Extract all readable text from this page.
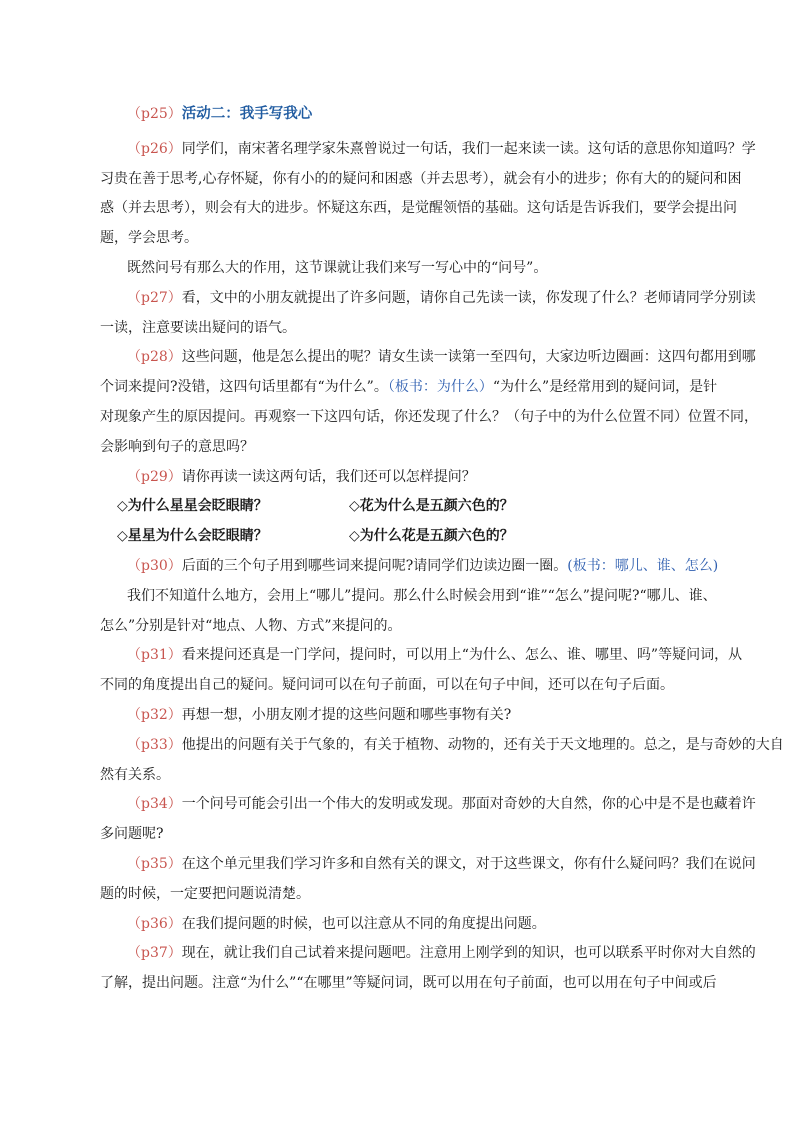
（p25）活动二：我手写我心

（p26）同学们，南宋著名理学家朱熹曾说过一句话，我们一起来读一读。这句话的意思你知道吗？学

习贵在善于思考,心存怀疑，你有小的的疑问和困惑（并去思考），就会有小的进步；你有大的的疑问和困

惑（并去思考），则会有大的进步。怀疑这东西，是觉醒领悟的基础。这句话是告诉我们，要学会提出问

题，学会思考。

既然问号有那么大的作用，这节课就让我们来写一写心中的“问号”。

（p27）看，文中的小朋友就提出了许多问题，请你自己先读一读，你发现了什么？老师请同学分别读

一读，注意要读出疑问的语气。

（p28）这些问题，他是怎么提出的呢？请女生读一读第一至四句，大家边听边圈画：这四句都用到哪

个词来提问?没错，这四句话里都有“为什么”。（板书：为什么）“为什么”是经常用到的疑问词，是针

对现象产生的原因提问。再观察一下这四句话，你还发现了什么？（句子中的为什么位置不同）位置不同，

会影响到句子的意思吗？

（p29）请你再读一读这两句话，我们还可以怎样提问？

◇为什么星星会眨眼睛？	◇花为什么是五颜六色的？
◇星星为什么会眨眼睛？	◇为什么花是五颜六色的？

（p30）后面的三个句子用到哪些词来提问呢?请同学们边读边圈一圈。(板书：哪儿、谁、怎么)

我们不知道什么地方，会用上“哪儿”提问。那么什么时候会用到“谁”“怎么”提问呢?“哪儿、谁、

怎么”分别是针对“地点、人物、方式”来提问的。

（p31）看来提问还真是一门学问，提问时，可以用上“为什么、怎么、谁、哪里、吗”等疑问词，从

不同的角度提出自己的疑问。疑问词可以在句子前面，可以在句子中间，还可以在句子后面。

（p32）再想一想，小朋友刚才提的这些问题和哪些事物有关?

（p33）他提出的问题有关于气象的，有关于植物、动物的，还有关于天文地理的。总之，是与奇妙的大自

然有关系。

（p34）一个问号可能会引出一个伟大的发明或发现。那面对奇妙的大自然，你的心中是不是也藏着许

多问题呢?

（p35）在这个单元里我们学习许多和自然有关的课文，对于这些课文，你有什么疑问吗？我们在说问

题的时候，一定要把问题说清楚。

（p36）在我们提问题的时候，也可以注意从不同的角度提出问题。

（p37）现在，就让我们自己试着来提问题吧。注意用上刚学到的知识，也可以联系平时你对大自然的

了解，提出问题。注意“为什么”“在哪里”等疑问词，既可以用在句子前面，也可以用在句子中间或后
